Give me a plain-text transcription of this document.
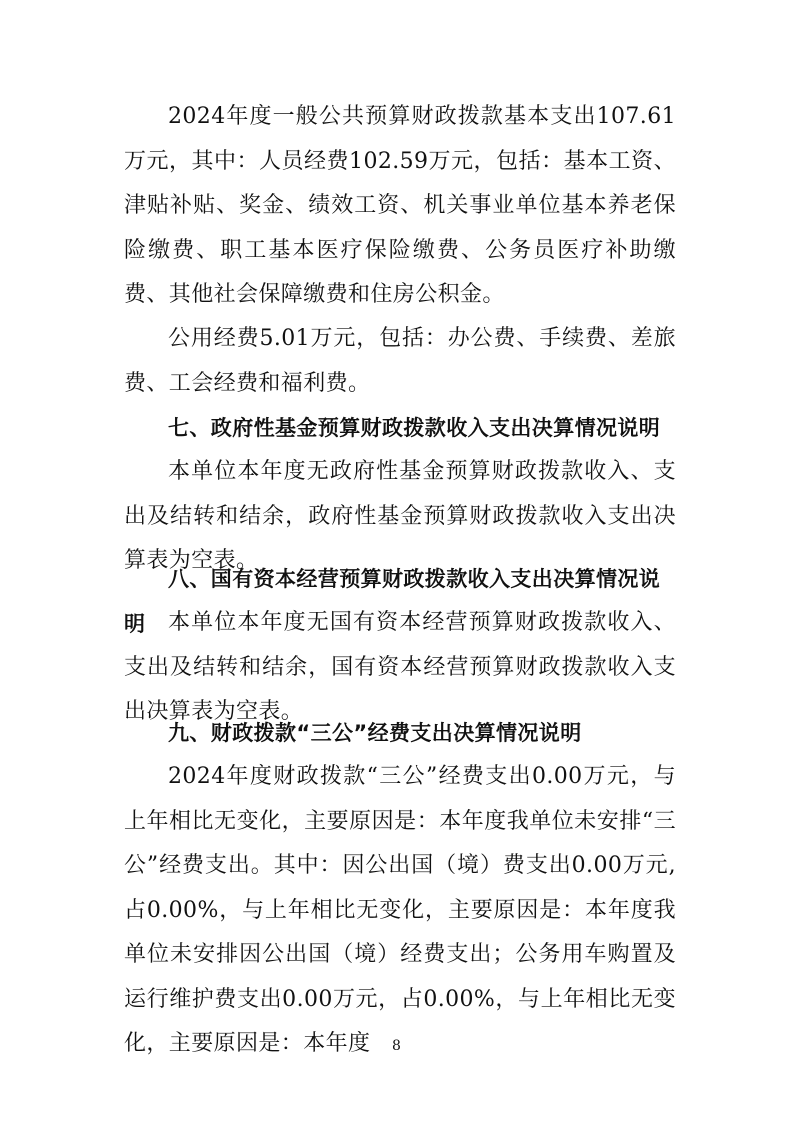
2024年度一般公共预算财政拨款基本支出107.61万元，其中：人员经费102.59万元，包括：基本工资、津贴补贴、奖金、绩效工资、机关事业单位基本养老保险缴费、职工基本医疗保险缴费、公务员医疗补助缴费、其他社会保障缴费和住房公积金。

公用经费5.01万元，包括：办公费、手续费、差旅费、工会经费和福利费。

七、政府性基金预算财政拨款收入支出决算情况说明

本单位本年度无政府性基金预算财政拨款收入、支出及结转和结余，政府性基金预算财政拨款收入支出决算表为空表。

八、国有资本经营预算财政拨款收入支出决算情况说明	本单位本年度无国有资本经营预算财政拨款收入、支出及结转和结余，国有资本经营预算财政拨款收入支出决算表为空表。

九、财政拨款“三公”经费支出决算情况说明

2024年度财政拨款“三公”经费支出0.00万元，与上年相比无变化，主要原因是：本年度我单位未安排“三公”经费支出。其中：因公出国（境）费支出0.00万元,占0.00%，与上年相比无变化，主要原因是：本年度我单位未安排因公出国（境）经费支出；公务用车购置及运行维护费支出0.00万元，占0.00%，与上年相比无变化，主要原因是：本年度	8
